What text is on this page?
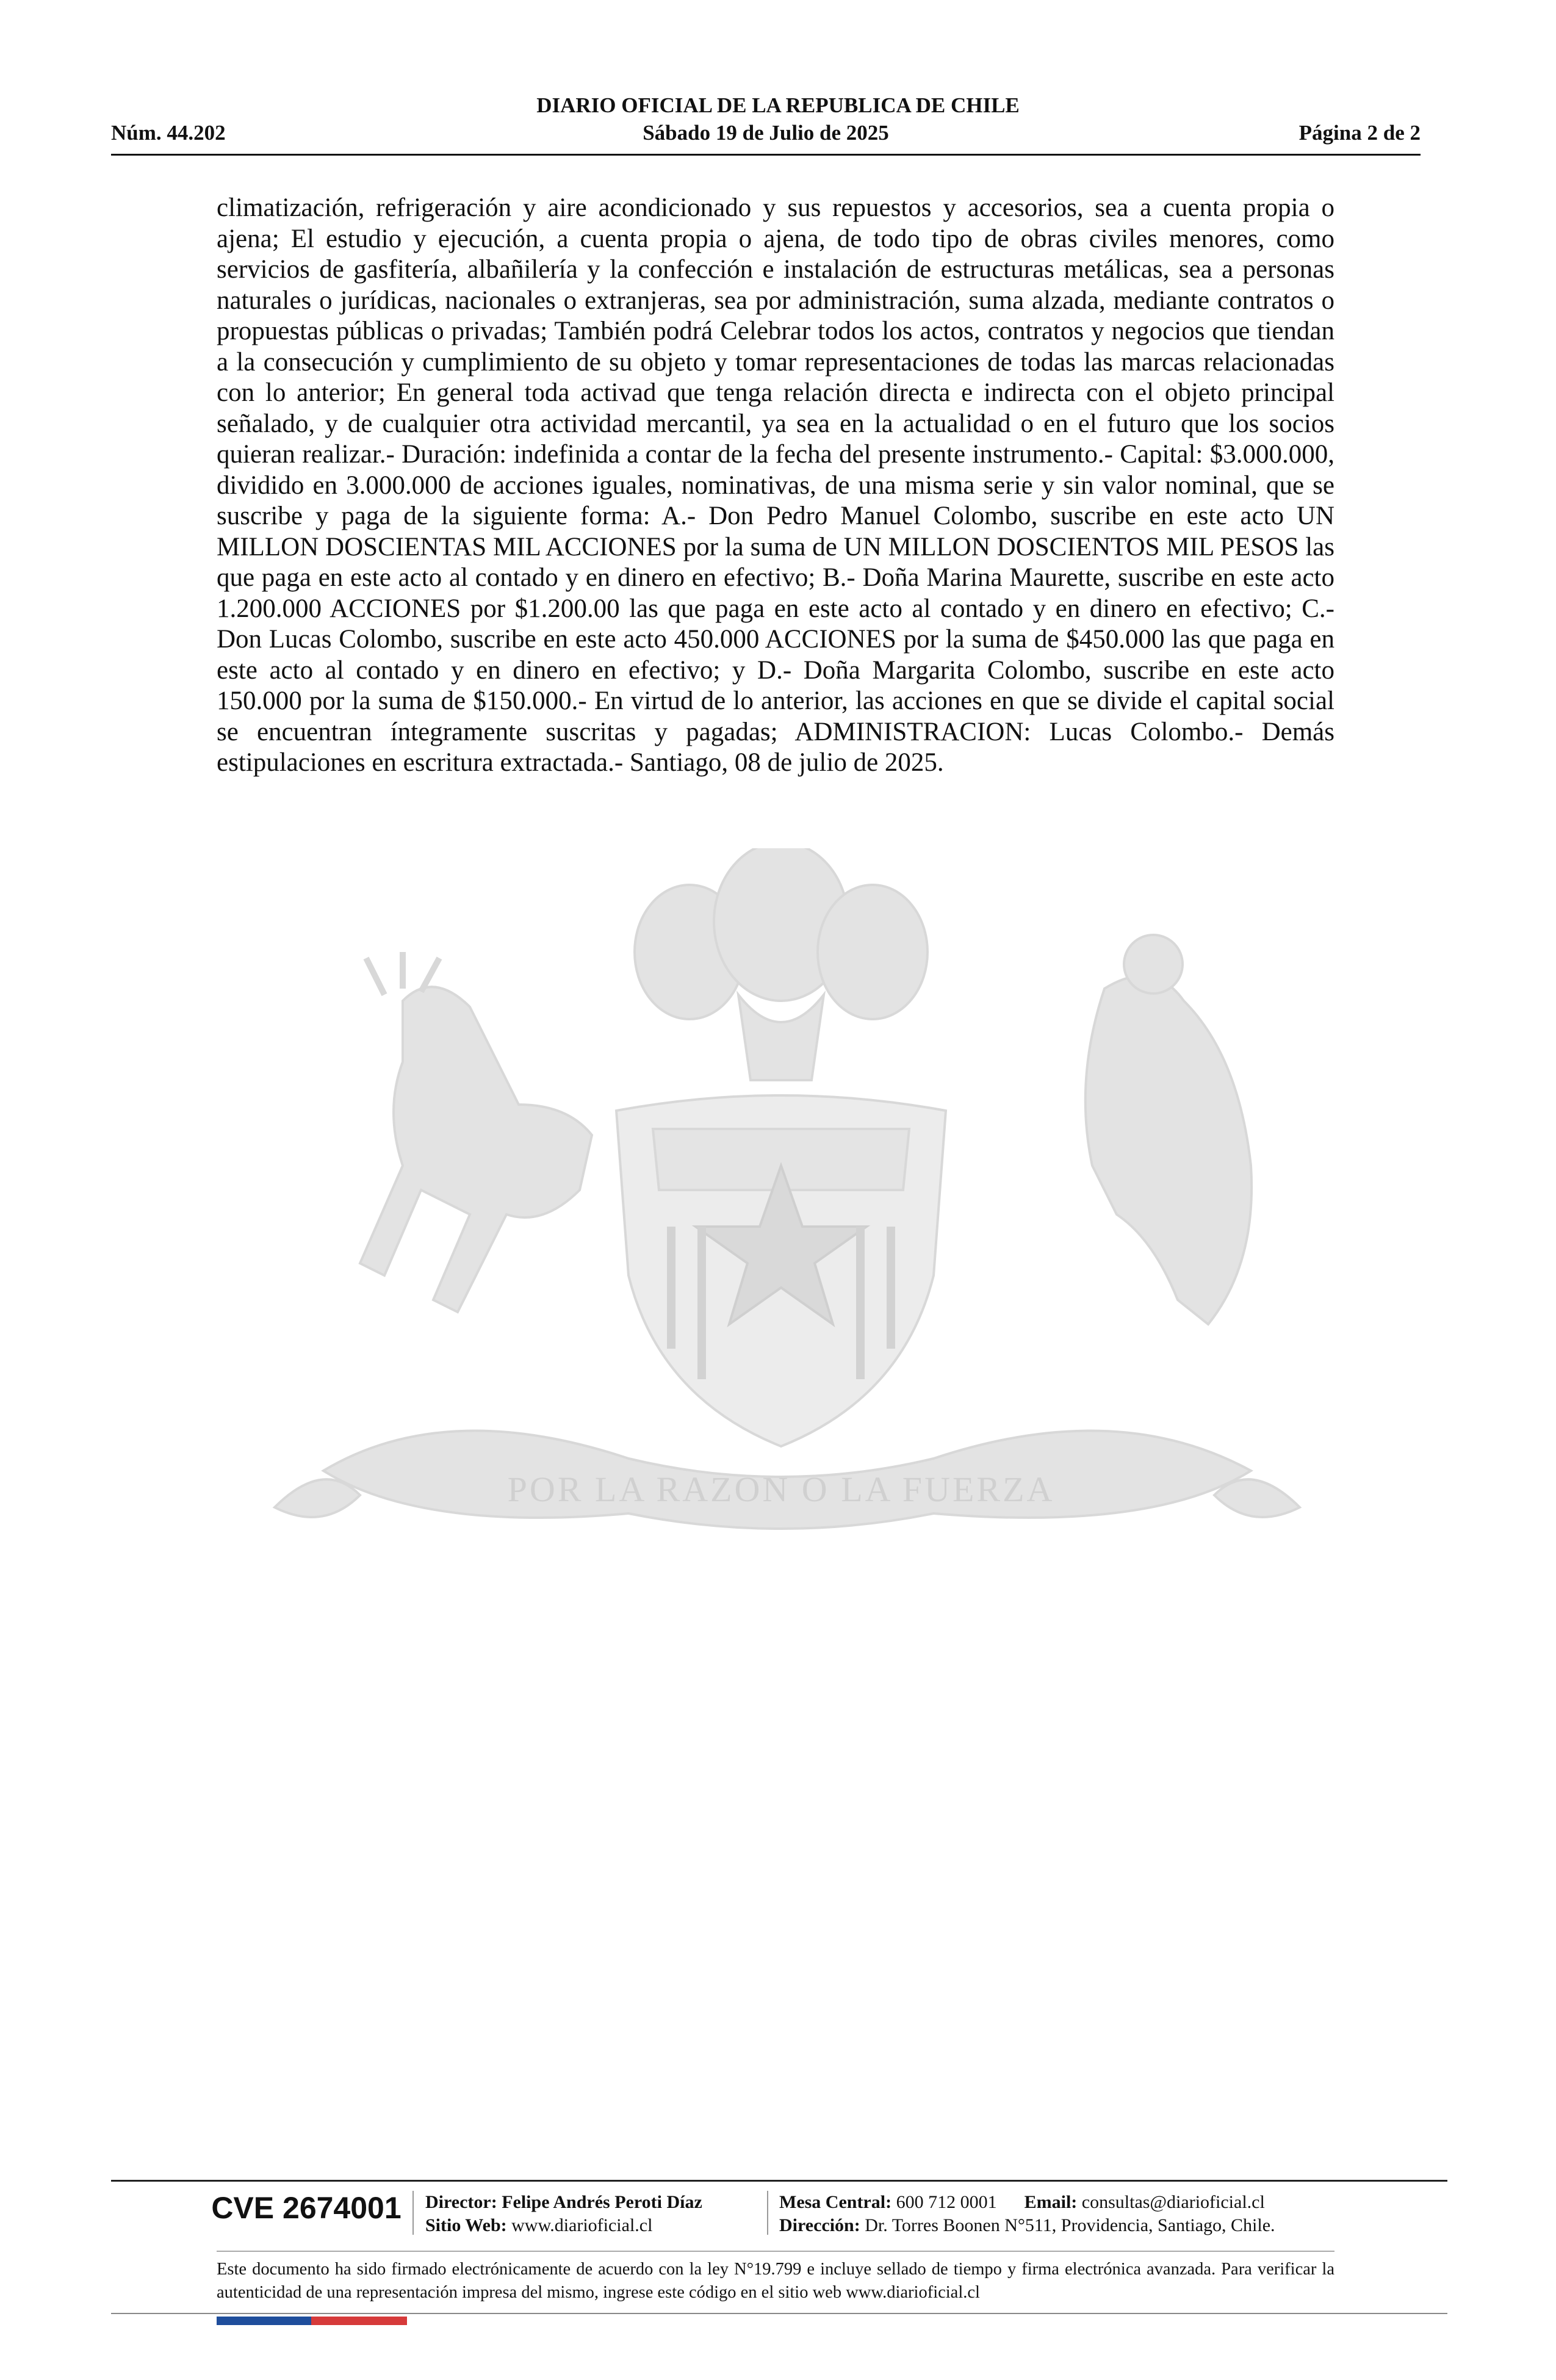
DIARIO OFICIAL DE LA REPUBLICA DE CHILE
Núm. 44.202	Sábado 19 de Julio de 2025	Página 2 de 2
POR LA RAZON O LA FUERZA

climatización, refrigeración y aire acondicionado y sus repuestos y accesorios, sea a cuenta propia o ajena; El estudio y ejecución, a cuenta propia o ajena, de todo tipo de obras civiles menores, como servicios de gasfitería, albañilería y la confección e instalación de estructuras metálicas, sea a personas naturales o jurídicas, nacionales o extranjeras, sea por administración, suma alzada, mediante contratos o propuestas públicas o privadas; También podrá Celebrar todos los actos, contratos y negocios que tiendan a la consecución y cumplimiento de su objeto y tomar representaciones de todas las marcas relacionadas con lo anterior; En general toda activad que tenga relación directa e indirecta con el objeto principal señalado, y de cualquier otra actividad mercantil, ya sea en la actualidad o en el futuro que los socios quieran realizar.- Duración: indefinida a contar de la fecha del presente instrumento.- Capital: $3.000.000, dividido en 3.000.000 de acciones iguales, nominativas, de una misma serie y sin valor nominal, que se suscribe y paga de la siguiente forma: A.- Don Pedro Manuel Colombo, suscribe en este acto UN MILLON DOSCIENTAS MIL ACCIONES por la suma de UN MILLON DOSCIENTOS MIL PESOS las que paga en este acto al contado y en dinero en efectivo; B.- Doña Marina Maurette, suscribe en este acto 1.200.000 ACCIONES por $1.200.00 las que paga en este acto al contado y en dinero en efectivo; C.- Don Lucas Colombo, suscribe en este acto 450.000 ACCIONES por la suma de $450.000 las que paga en este acto al contado y en dinero en efectivo; y D.- Doña Margarita Colombo, suscribe en este acto 150.000 por la suma de $150.000.- En virtud de lo anterior, las acciones en que se divide el capital social se encuentran íntegramente suscritas y pagadas; ADMINISTRACION: Lucas Colombo.- Demás estipulaciones en escritura extractada.- Santiago, 08 de julio de 2025.

CVE 2674001 Director: Felipe Andrés Peroti Díaz
Sitio Web: www.diarioficial.cl
Mesa Central: 600 712 0001 Email: consultas@diarioficial.cl
Dirección: Dr. Torres Boonen N°511, Providencia, Santiago, Chile.

Este documento ha sido firmado electrónicamente de acuerdo con la ley N°19.799 e incluye sellado de tiempo y firma electrónica avanzada. Para verificar la autenticidad de una representación impresa del mismo, ingrese este código en el sitio web www.diarioficial.cl
